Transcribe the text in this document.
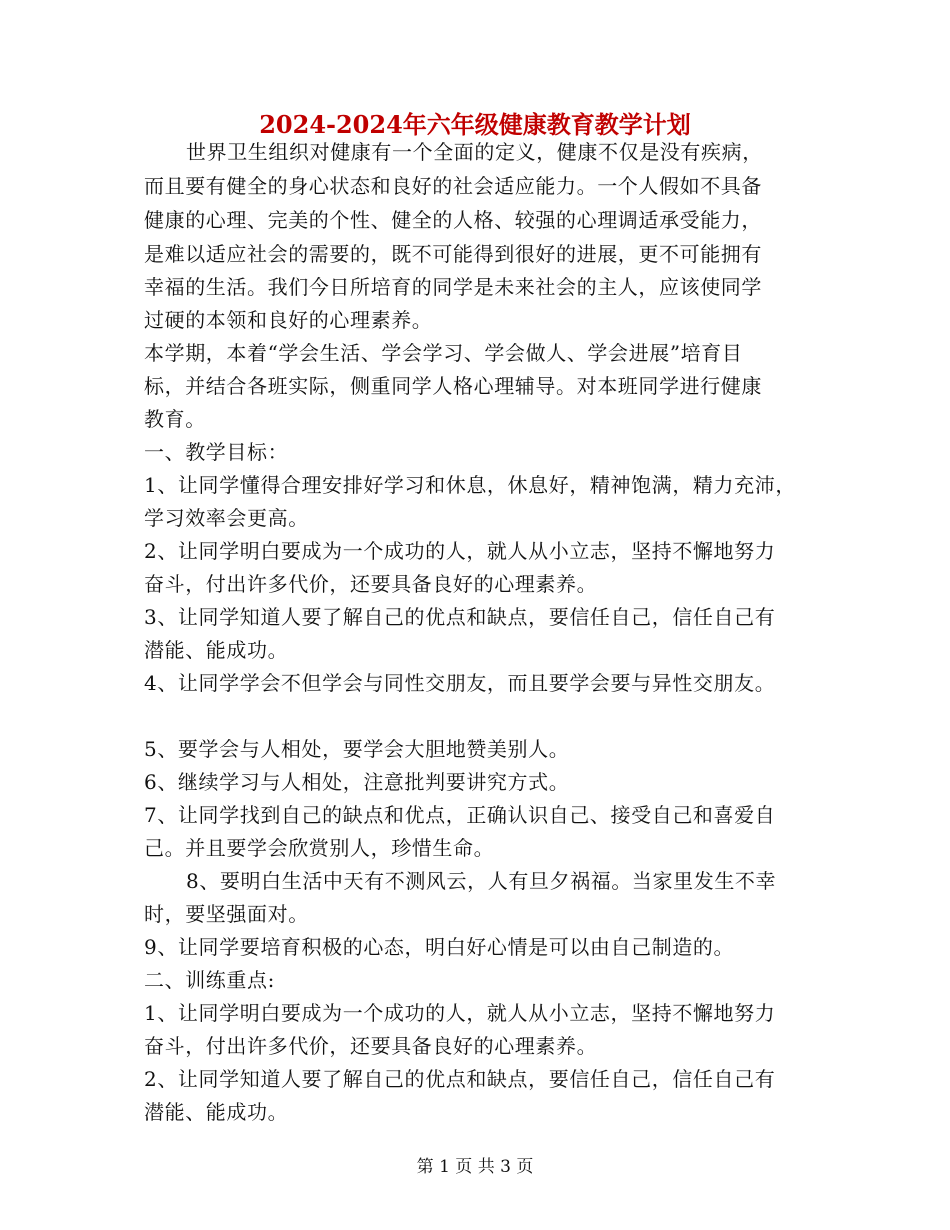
2024-2024年六年级健康教育教学计划
世界卫生组织对健康有一个全面的定义，健康不仅是没有疾病，
而且要有健全的身心状态和良好的社会适应能力。一个人假如不具备
健康的心理、完美的个性、健全的人格、较强的心理调适承受能力，
是难以适应社会的需要的，既不可能得到很好的进展，更不可能拥有
幸福的生活。我们今日所培育的同学是未来社会的主人，应该使同学
过硬的本领和良好的心理素养。
本学期，本着“学会生活、学会学习、学会做人、学会进展”培育目
标，并结合各班实际，侧重同学人格心理辅导。对本班同学进行健康
教育。
一、教学目标：
1、让同学懂得合理安排好学习和休息，休息好，精神饱满，精力充沛，
学习效率会更高。
2、让同学明白要成为一个成功的人，就人从小立志，坚持不懈地努力
奋斗，付出许多代价，还要具备良好的心理素养。
3、让同学知道人要了解自己的优点和缺点，要信任自己，信任自己有
潜能、能成功。
4、让同学学会不但学会与同性交朋友，而且要学会要与异性交朋友。
5、要学会与人相处，要学会大胆地赞美别人。
6、继续学习与人相处，注意批判要讲究方式。
7、让同学找到自己的缺点和优点，正确认识自己、接受自己和喜爱自
己。并且要学会欣赏别人，珍惜生命。
8、要明白生活中天有不测风云，人有旦夕祸福。当家里发生不幸
时，要坚强面对。
9、让同学要培育积极的心态，明白好心情是可以由自己制造的。
二、训练重点:
1、让同学明白要成为一个成功的人，就人从小立志，坚持不懈地努力
奋斗，付出许多代价，还要具备良好的心理素养。
2、让同学知道人要了解自己的优点和缺点，要信任自己，信任自己有
潜能、能成功。
第 1 页 共 3 页
